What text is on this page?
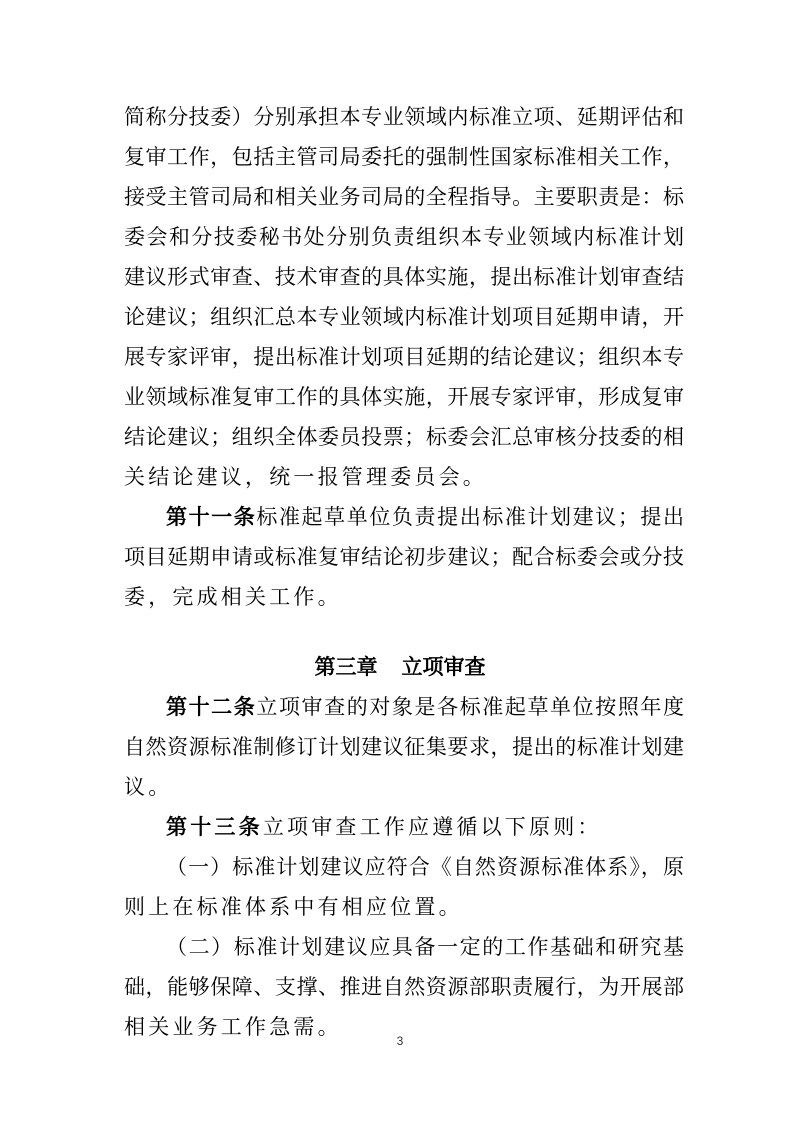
简称分技委）分别承担本专业领域内标准立项、延期评估和
复审工作，包括主管司局委托的强制性国家标准相关工作，
接受主管司局和相关业务司局的全程指导。主要职责是：标
委会和分技委秘书处分别负责组织本专业领域内标准计划
建议形式审查、技术审查的具体实施，提出标准计划审查结
论建议；组织汇总本专业领域内标准计划项目延期申请，开
展专家评审，提出标准计划项目延期的结论建议；组织本专
业领域标准复审工作的具体实施，开展专家评审，形成复审
结论建议；组织全体委员投票；标委会汇总审核分技委的相
关结论建议，统一报管理委员会。
第十一条标准起草单位负责提出标准计划建议；提出
项目延期申请或标准复审结论初步建议；配合标委会或分技
委，完成相关工作。
第三章 立项审查
第十二条立项审查的对象是各标准起草单位按照年度
自然资源标准制修订计划建议征集要求，提出的标准计划建
议。
第十三条立项审查工作应遵循以下原则：
（一）标准计划建议应符合《自然资源标准体系》，原
则上在标准体系中有相应位置。
（二）标准计划建议应具备一定的工作基础和研究基
础，能够保障、支撑、推进自然资源部职责履行，为开展部
相关业务工作急需。
3
